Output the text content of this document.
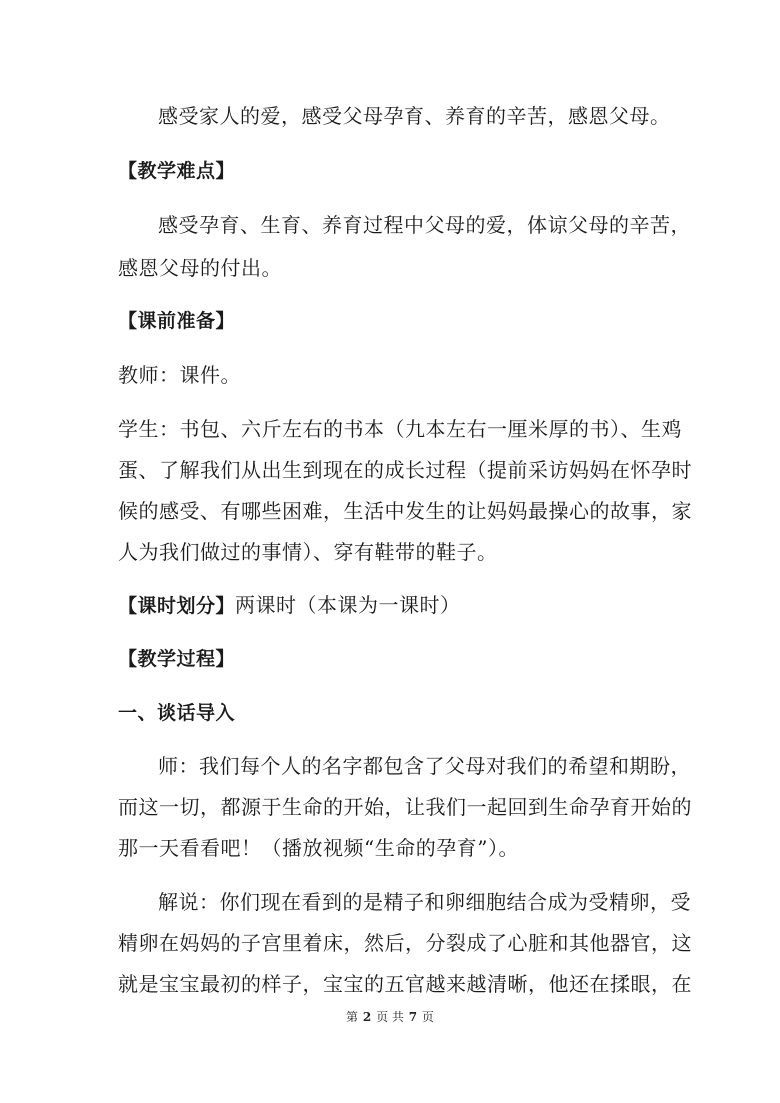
感受家人的爱，感受父母孕育、养育的辛苦，感恩父母。
【教学难点】
感受孕育、生育、养育过程中父母的爱，体谅父母的辛苦，
感恩父母的付出。
【课前准备】
教师：课件。
学生：书包、六斤左右的书本（九本左右一厘米厚的书）、生鸡
蛋、了解我们从出生到现在的成长过程（提前采访妈妈在怀孕时
候的感受、有哪些困难，生活中发生的让妈妈最操心的故事，家
人为我们做过的事情）、穿有鞋带的鞋子。
【课时划分】两课时（本课为一课时）
【教学过程】
一、谈话导入
师：我们每个人的名字都包含了父母对我们的希望和期盼，
而这一切，都源于生命的开始，让我们一起回到生命孕育开始的
那一天看看吧！（播放视频“生命的孕育”）。
解说：你们现在看到的是精子和卵细胞结合成为受精卵，受
精卵在妈妈的子宫里着床，然后，分裂成了心脏和其他器官，这
就是宝宝最初的样子，宝宝的五官越来越清晰，他还在揉眼，在
第 2 页 共 7 页
